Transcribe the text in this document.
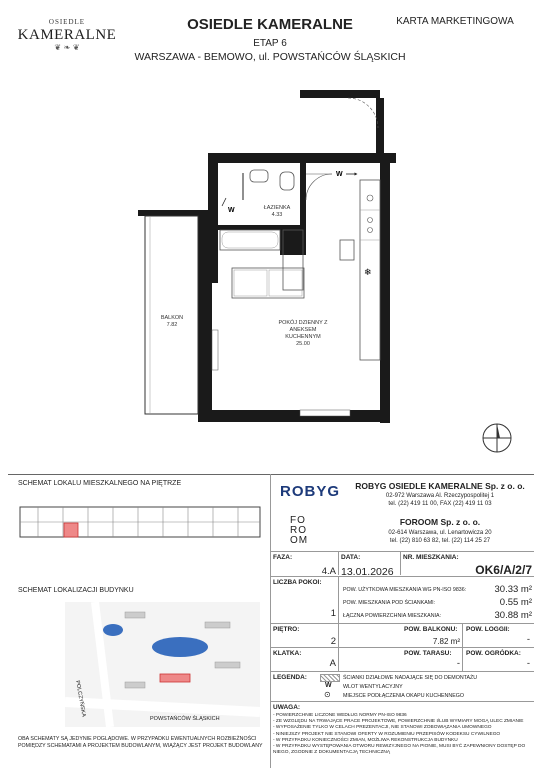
OSIEDLE
KAMERALNE
❦ ❧ ❦
OSIEDLE KAMERALNE
ETAP 6
WARSZAWA - BEMOWO, ul. POWSTAŃCÓW ŚLĄSKICH
KARTA MARKETINGOWA
W
W
❄
ŁAZIENKA
4.33
BALKON
7.82	POKÓJ DZIENNY Z
ANEKSEM
KUCHENNYM
25.00
SCHEMAT LOKALU MIESZKALNEGO NA PIĘTRZE
SCHEMAT LOKALIZACJI BUDYNKU
POWSTAŃCÓW ŚLĄSKICH
POLCZYŃSKA
OBA SCHEMATY SĄ JEDYNIE POGLĄDOWE. W PRZYPADKU EWENTUALNYCH ROZBIEŻNOŚCI
POMIĘDZY SCHEMATAMI A PROJEKTEM BUDOWLANYM, WIĄŻĄCY JEST PROJEKT BUDOWLANY
ROBYG	ROBYG OSIEDLE KAMERALNE Sp. z o. o.
02-972 Warszawa Al. Rzeczypospolitej 1
tel. (22) 419 11 00, FAX (22) 419 11 03
FO
RO
OM
FOROOM Sp. z o. o.
02-614 Warszawa, ul. Lenartowicza 20
tel. (22) 810 63 82, tel. (22) 114 25 27
FAZA:
4.A
DATA:
13.01.2026
NR. MIESZKANIA:
OK6/A/2/7
LICZBA POKOI:
1
POW. UŻYTKOWA MIESZKANIA WG PN-ISO 9836:	30.33 m²
POW. MIESZKANIA POD ŚCIANKAMI:	0.55 m²
ŁĄCZNA POWIERZCHNIA MIESZKANIA:	30.88 m²
PIĘTRO:
2
POW. BALKONU:
7.82 m²
POW. LOGGII:
-
KLATKA:
A
POW. TARASU:
-
POW. OGRÓDKA:
-
LEGENDA:	ŚCIANKI DZIAŁOWE NADAJĄCE SIĘ DO DEMONTAŻU
W WLOT WENTYLACYJNY
⊙ MIEJSCE PODŁĄCZENIA OKAPU KUCHENNEGO
UWAGA:
- POWIERZCHNIE LICZONE WEDŁUG NORMY PN-ISO 9836
- ZE WZGLĘDU NA TRWAJĄCE PRACE PROJEKTOWE, POWIERZCHNIE I/LUB WYMIARY MOGĄ ULEC ZMIANIE
- WYPOSAŻENIE TYLKO W CELACH PREZENTACJI, NIE STANOWI ZOBOWIĄZANIA UMOWNEGO
- NINIEJSZY PROJEKT NIE STANOWI OFERTY W ROZUMIENIU PRZEPISÓW KODEKSU CYWILNEGO
- W PRZYPADKU KONIECZNOŚCI ZMIAN, MOŻLIWA REKONSTRUKCJA BUDYNKU
- W PRZYPADKU WYSTĘPOWANIA OTWORU REWIZYJNEGO NA PIONIE, MUSI BYĆ ZAPEWNIONY DOSTĘP DO
NIEGO, ZGODNIE Z DOKUMENTACJĄ TECHNICZNĄ
